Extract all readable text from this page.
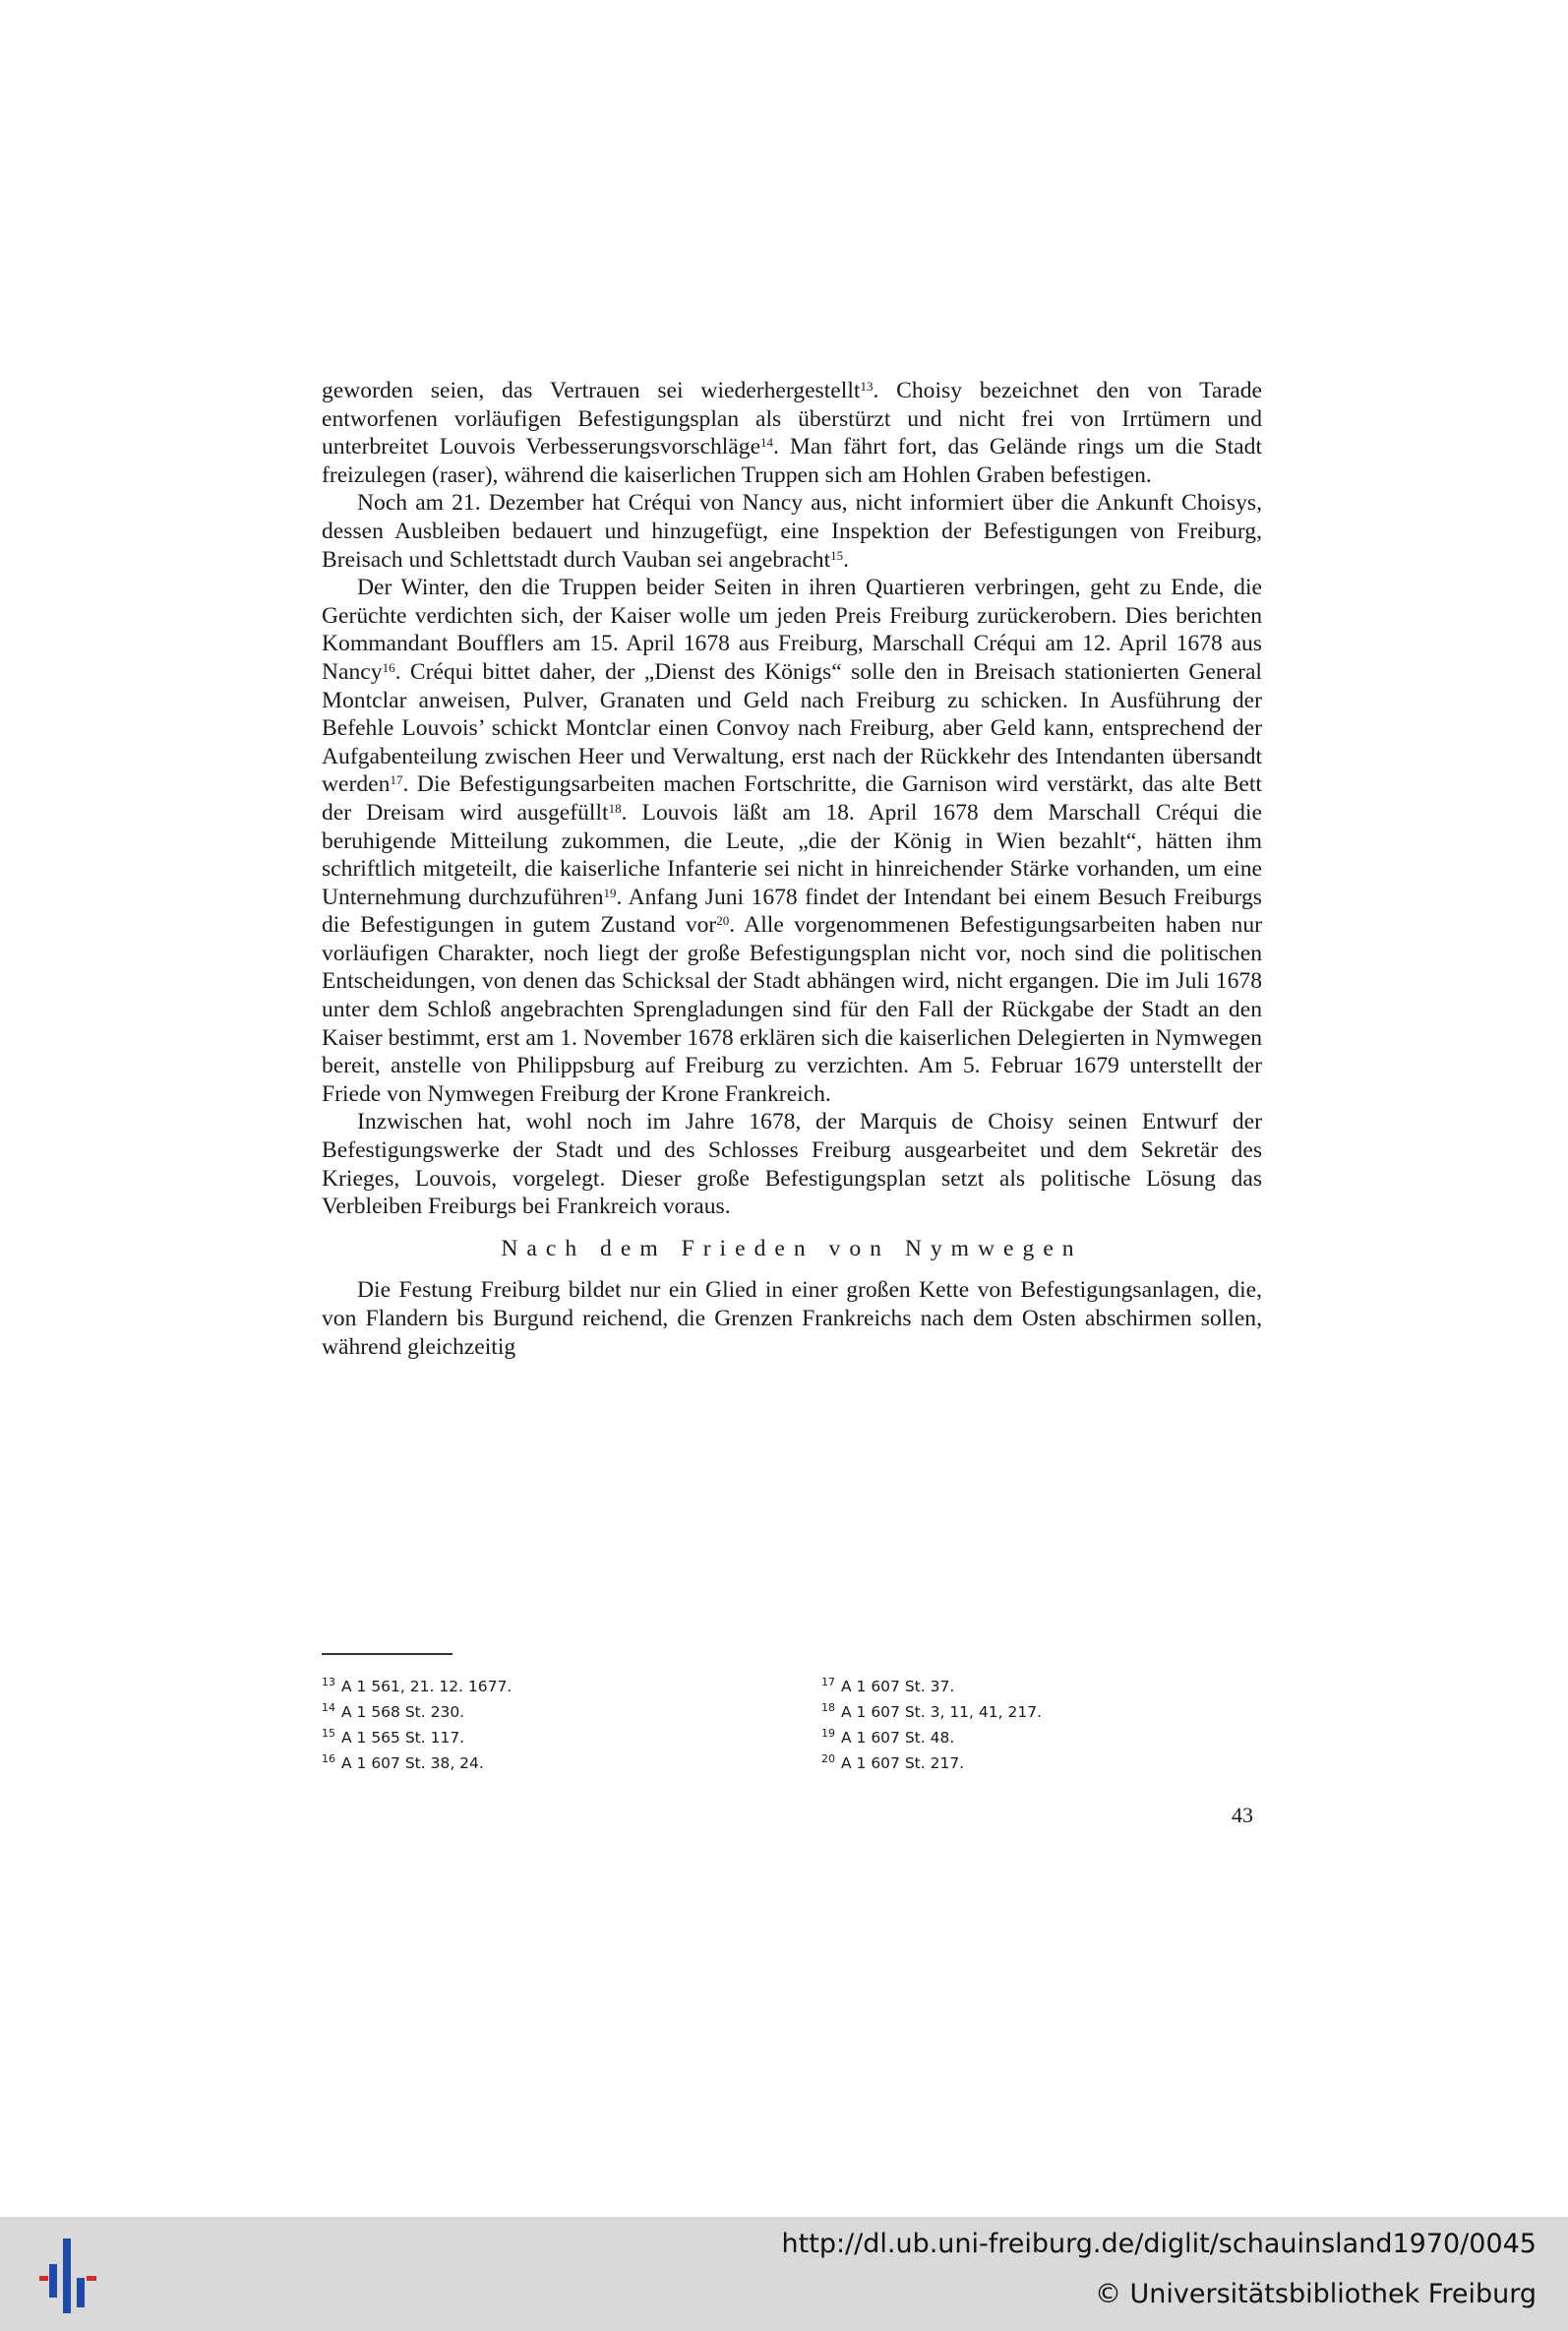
geworden seien, das Vertrauen sei wiederhergestellt$^{13}$. Choisy bezeichnet den von Tarade entworfenen vorläufigen Befestigungsplan als überstürzt und nicht frei von Irrtümern und unterbreitet Louvois Verbesserungsvorschläge$^{14}$. Man fährt fort, das Gelände rings um die Stadt freizulegen (raser), während die kaiserlichen Truppen sich am Hohlen Graben befestigen.

Noch am 21. Dezember hat Créqui von Nancy aus, nicht informiert über die Ankunft Choisys, dessen Ausbleiben bedauert und hinzugefügt, eine Inspektion der Befestigungen von Freiburg, Breisach und Schlettstadt durch Vauban sei angebracht$^{15}$.

Der Winter, den die Truppen beider Seiten in ihren Quartieren verbringen, geht zu Ende, die Gerüchte verdichten sich, der Kaiser wolle um jeden Preis Freiburg zurückerobern. Dies berichten Kommandant Boufflers am 15. April 1678 aus Freiburg, Marschall Créqui am 12. April 1678 aus Nancy$^{16}$. Créqui bittet daher, der „Dienst des Königs“ solle den in Breisach stationierten General Montclar anweisen, Pulver, Granaten und Geld nach Freiburg zu schicken. In Ausführung der Befehle Louvois’ schickt Montclar einen Convoy nach Freiburg, aber Geld kann, entsprechend der Aufgabenteilung zwischen Heer und Verwaltung, erst nach der Rückkehr des Intendanten übersandt werden$^{17}$. Die Befestigungsarbeiten machen Fortschritte, die Garnison wird verstärkt, das alte Bett der Dreisam wird ausgefüllt$^{18}$. Louvois läßt am 18. April 1678 dem Marschall Créqui die beruhigende Mitteilung zukommen, die Leute, „die der König in Wien bezahlt“, hätten ihm schriftlich mitgeteilt, die kaiserliche Infanterie sei nicht in hinreichender Stärke vorhanden, um eine Unternehmung durchzuführen$^{19}$. Anfang Juni 1678 findet der Intendant bei einem Besuch Freiburgs die Befestigungen in gutem Zustand vor$^{20}$. Alle vorgenommenen Befestigungsarbeiten haben nur vorläufigen Charakter, noch liegt der große Befestigungsplan nicht vor, noch sind die politischen Entscheidungen, von denen das Schicksal der Stadt abhängen wird, nicht ergangen. Die im Juli 1678 unter dem Schloß angebrachten Sprengladungen sind für den Fall der Rückgabe der Stadt an den Kaiser bestimmt, erst am 1. November 1678 erklären sich die kaiserlichen Delegierten in Nymwegen bereit, anstelle von Philippsburg auf Freiburg zu verzichten. Am 5. Februar 1679 unterstellt der Friede von Nymwegen Freiburg der Krone Frankreich.

Inzwischen hat, wohl noch im Jahre 1678, der Marquis de Choisy seinen Entwurf der Befestigungswerke der Stadt und des Schlosses Freiburg ausgearbeitet und dem Sekretär des Krieges, Louvois, vorgelegt. Dieser große Befestigungsplan setzt als politische Lösung das Verbleiben Freiburgs bei Frankreich voraus.

Nach dem Frieden von Nymwegen

Die Festung Freiburg bildet nur ein Glied in einer großen Kette von Befestigungsanlagen, die, von Flandern bis Burgund reichend, die Grenzen Frankreichs nach dem Osten abschirmen sollen, während gleichzeitig

$^{13}$ A 1 561, 21. 12. 1677.
$^{14}$ A 1 568 St. 230.
$^{15}$ A 1 565 St. 117.
$^{16}$ A 1 607 St. 38, 24.
$^{17}$ A 1 607 St. 37.
$^{18}$ A 1 607 St. 3, 11, 41, 217.
$^{19}$ A 1 607 St. 48.
$^{20}$ A 1 607 St. 217.
43
http://dl.ub.uni-freiburg.de/diglit/schauinsland1970/0045
© Universitätsbibliothek Freiburg
